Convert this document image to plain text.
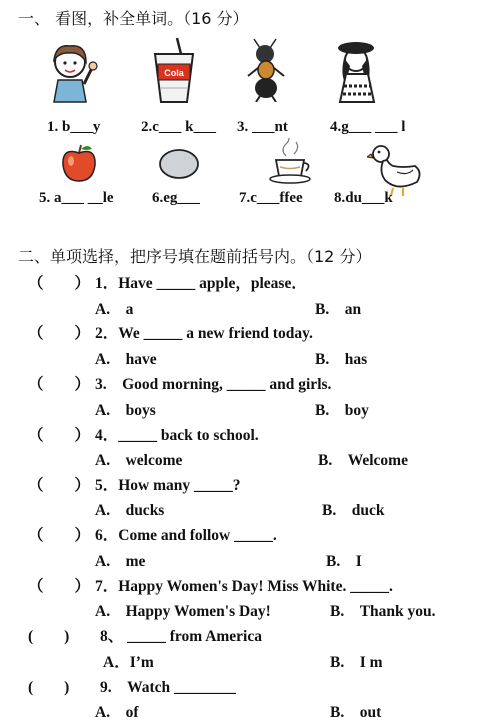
一、 看图，补全单词。（16 分）
Cola
1. b___y	2.c___ k___ 3. ___nt	4.g___ ___ l
5. a___ __le	6.eg___	7.c___ffee 8.du___k
二、单项选择，把序号填在题前括号内。（12 分）
（　　） 1．Have _____ apple，please．
A.　a	B.　an
（　　） 2．We _____ a new friend today.
A.　have	B.　has
（　　） 3.　Good morning, _____ and girls.
A.　boys	B.　boy
（　　） 4．_____ back to school.
A.　welcome	B.　Welcome
（　　） 5．How many _____?
A.　ducks	B.　duck
（　　） 6．Come and follow _____.
A.　me	B.　I
（　　） 7．Happy Women's Day! Miss White. _____.
A.　Happy Women's Day!	B.　Thank you.
(　　) 8、 _____ from America
A．I’m	B.　I m
(　　) 9.　Watch ________
A.　of	B.　out
